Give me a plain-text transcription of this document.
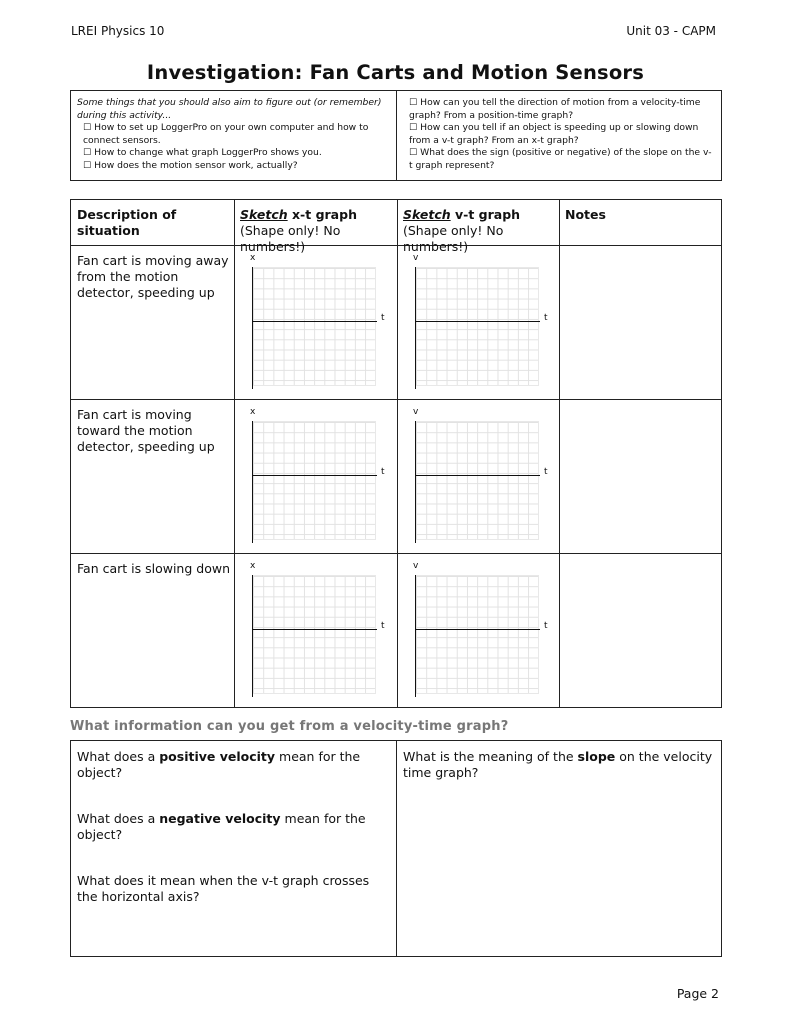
LREI Physics 10	Unit 03 - CAPM
Investigation: Fan Carts and Motion Sensors
Some things that you should also aim to figure out (or remember) during this activity...
☐ How to set up LoggerPro on your own computer and how to connect sensors.
☐ How to change what graph LoggerPro shows you.
☐ How does the motion sensor work, actually?
☐ How can you tell the direction of motion from a velocity-time graph? From a position-time graph?
☐ How can you tell if an object is speeding up or slowing down from a v-t graph? From an x-t graph?
☐ What does the sign (positive or negative) of the slope on the v-t graph represent?
Description of situation
Sketch x-t graph (Shape only! No numbers!)
Sketch v-t graph (Shape only! No numbers!)
Notes
Fan cart is moving away from the motion detector, speeding up
Fan cart is moving toward the motion detector, speeding up
Fan cart is slowing down
x
t
v
t
x
t
v
t
x
t
v
t
What information can you get from a velocity-time graph?
What does a positive velocity mean for the object?
What does a negative velocity mean for the object?
What does it mean when the v-t graph crosses the horizontal axis?
What is the meaning of the slope on the velocity time graph?
Page 2
